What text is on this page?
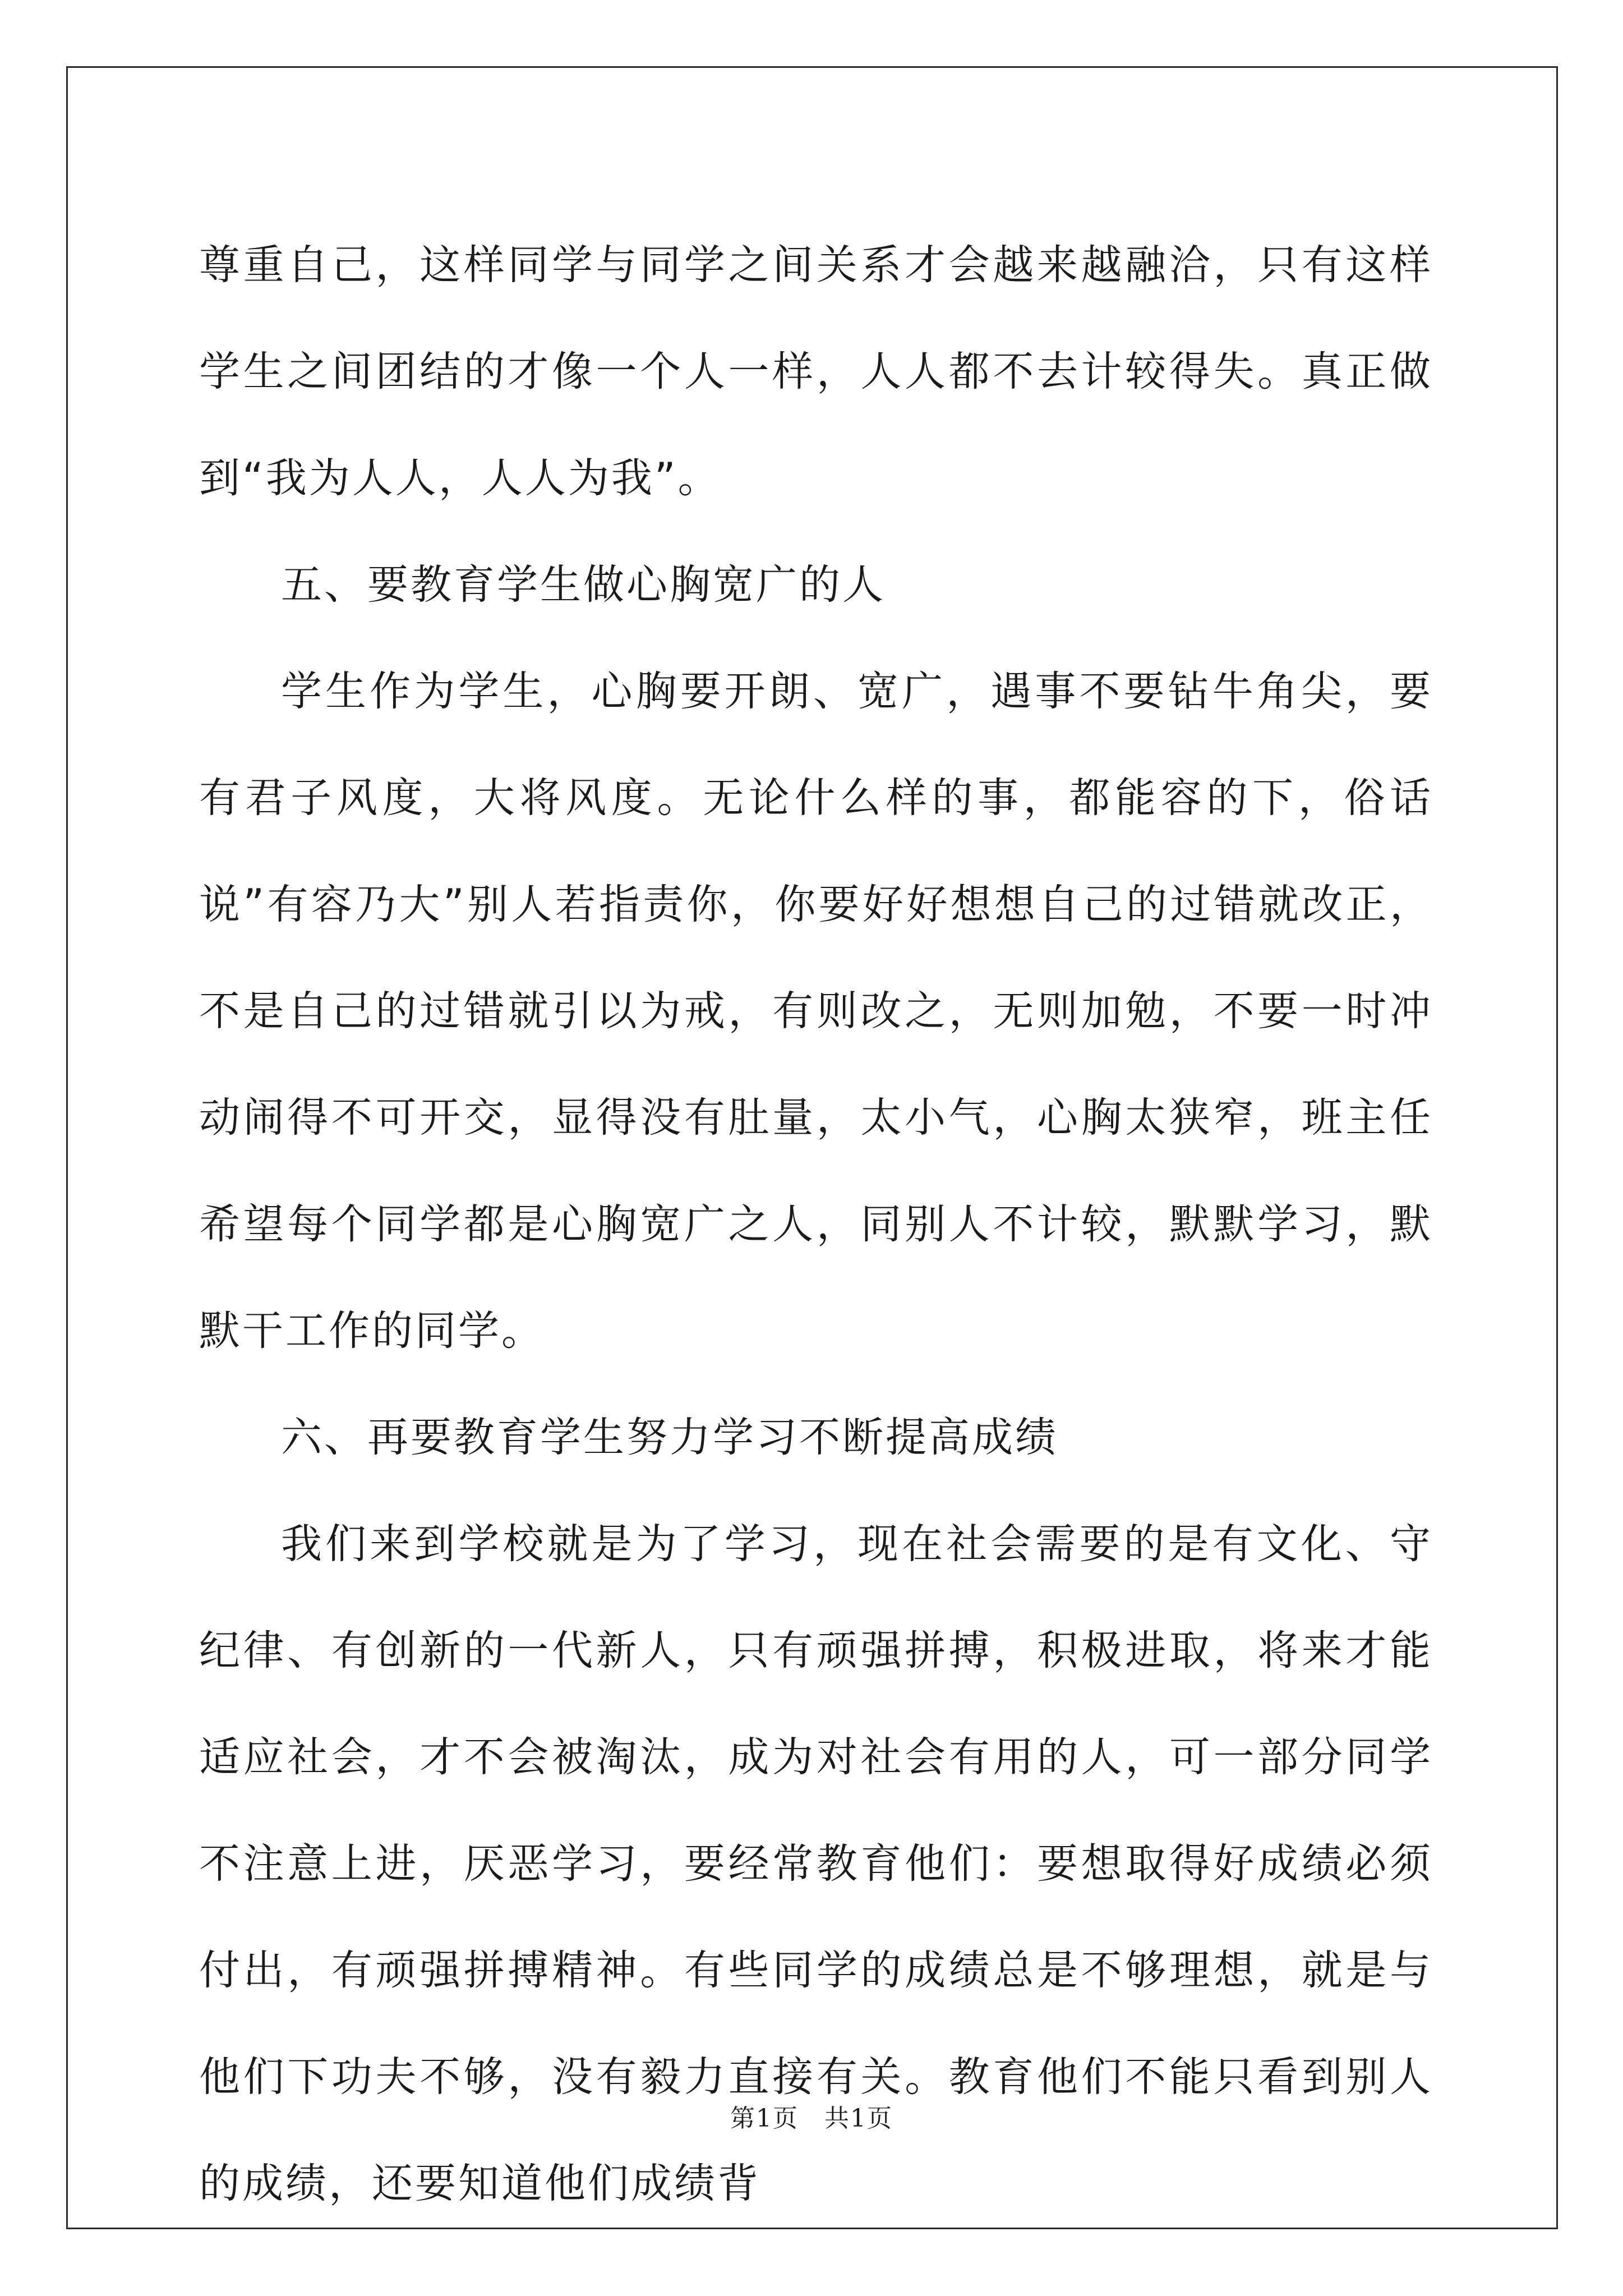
尊重自己，这样同学与同学之间关系才会越来越融洽，只有这样学生之间团结的才像一个人一样，人人都不去计较得失。真正做到“我为人人，人人为我”。

五、要教育学生做心胸宽广的人

学生作为学生，心胸要开朗、宽广，遇事不要钻牛角尖，要有君子风度，大将风度。无论什么样的事，都能容的下，俗话说”有容乃大”别人若指责你，你要好好想想自己的过错就改正，不是自己的过错就引以为戒，有则改之，无则加勉，不要一时冲动闹得不可开交，显得没有肚量，太小气，心胸太狭窄，班主任希望每个同学都是心胸宽广之人，同别人不计较，默默学习，默默干工作的同学。

六、再要教育学生努力学习不断提高成绩

我们来到学校就是为了学习，现在社会需要的是有文化、守纪律、有创新的一代新人，只有顽强拼搏，积极进取，将来才能适应社会，才不会被淘汰，成为对社会有用的人，可一部分同学不注意上进，厌恶学习，要经常教育他们：要想取得好成绩必须付出，有顽强拼搏精神。有些同学的成绩总是不够理想，就是与他们下功夫不够，没有毅力直接有关。教育他们不能只看到别人的成绩，还要知道他们成绩背

第1页　共1页
